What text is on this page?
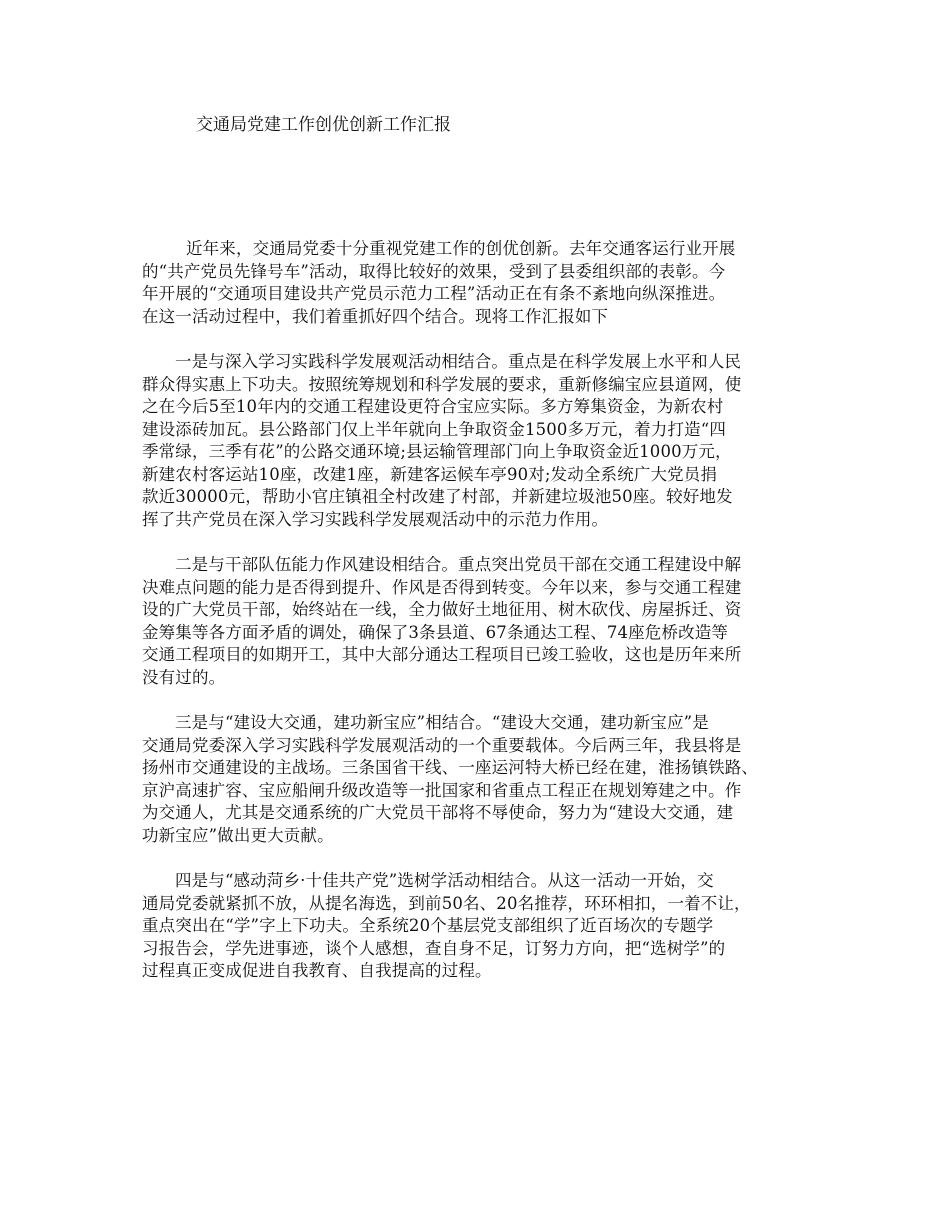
交通局党建工作创优创新工作汇报

近年来，交通局党委十分重视党建工作的创优创新。去年交通客运行业开展
的“共产党员先锋号车”活动，取得比较好的效果，受到了县委组织部的表彰。今
年开展的“交通项目建设共产党员示范力工程”活动正在有条不紊地向纵深推进。
在这一活动过程中，我们着重抓好四个结合。现将工作汇报如下

一是与深入学习实践科学发展观活动相结合。重点是在科学发展上水平和人民
群众得实惠上下功夫。按照统筹规划和科学发展的要求，重新修编宝应县道网，使
之在今后5至10年内的交通工程建设更符合宝应实际。多方筹集资金，为新农村
建设添砖加瓦。县公路部门仅上半年就向上争取资金1500多万元，着力打造“四
季常绿，三季有花”的公路交通环境;县运输管理部门向上争取资金近1000万元，
新建农村客运站10座，改建1座，新建客运候车亭90对;发动全系统广大党员捐
款近30000元，帮助小官庄镇祖全村改建了村部，并新建垃圾池50座。较好地发
挥了共产党员在深入学习实践科学发展观活动中的示范力作用。

二是与干部队伍能力作风建设相结合。重点突出党员干部在交通工程建设中解
决难点问题的能力是否得到提升、作风是否得到转变。今年以来，参与交通工程建
设的广大党员干部，始终站在一线，全力做好土地征用、树木砍伐、房屋拆迁、资
金筹集等各方面矛盾的调处，确保了3条县道、67条通达工程、74座危桥改造等
交通工程项目的如期开工，其中大部分通达工程项目已竣工验收，这也是历年来所
没有过的。

三是与“建设大交通，建功新宝应”相结合。“建设大交通，建功新宝应”是
交通局党委深入学习实践科学发展观活动的一个重要载体。今后两三年，我县将是
扬州市交通建设的主战场。三条国省干线、一座运河特大桥已经在建，淮扬镇铁路、
京沪高速扩容、宝应船闸升级改造等一批国家和省重点工程正在规划筹建之中。作
为交通人，尤其是交通系统的广大党员干部将不辱使命，努力为“建设大交通，建
功新宝应”做出更大贡献。

四是与“感动菏乡·十佳共产党”选树学活动相结合。从这一活动一开始，交
通局党委就紧抓不放，从提名海选，到前50名、20名推荐，环环相扣，一着不让，
重点突出在“学”字上下功夫。全系统20个基层党支部组织了近百场次的专题学
习报告会，学先进事迹，谈个人感想，查自身不足，订努力方向，把“选树学”的
过程真正变成促进自我教育、自我提高的过程。
